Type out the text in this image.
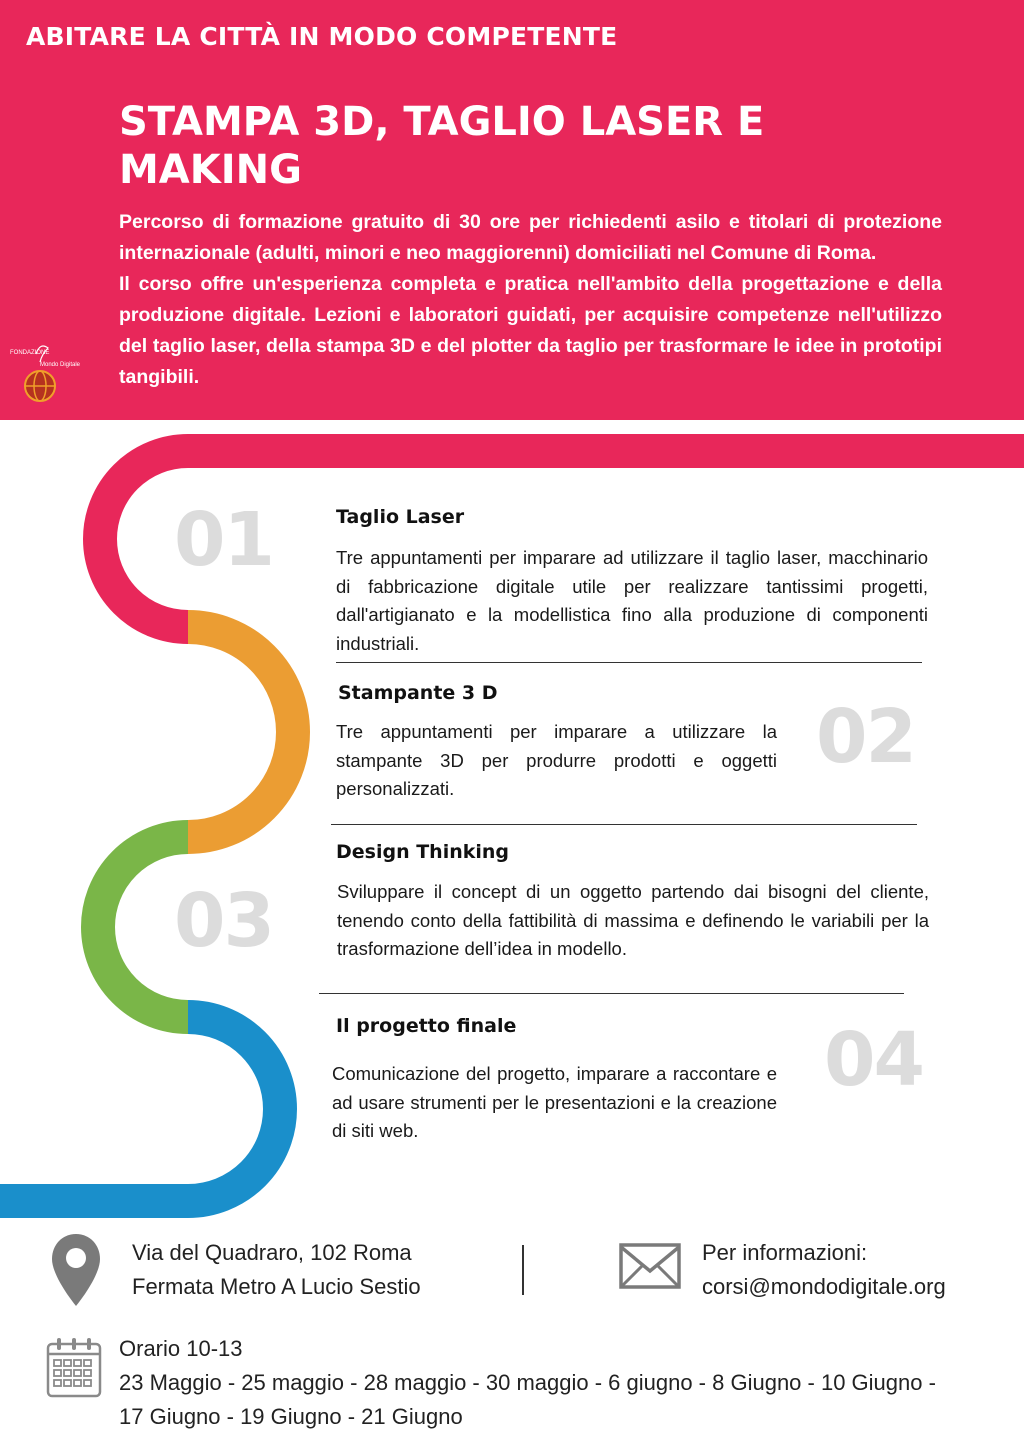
ABITARE LA CITTÀ IN MODO COMPETENTE
STAMPA 3D, TAGLIO LASER E MAKING

Percorso di formazione gratuito di 30 ore per richiedenti asilo e titolari di protezione internazionale (adulti, minori e neo maggiorenni) domiciliati nel Comune di Roma.

Il corso offre un'esperienza completa e pratica nell'ambito della progettazione e della produzione digitale. Lezioni e laboratori guidati, per acquisire competenze nell'utilizzo del taglio laser, della stampa 3D e del plotter da taglio per trasformare le idee in prototipi tangibili.

FONDAZIONE
Mondo Digitale
01	Taglio Laser
Tre appuntamenti per imparare ad utilizzare il taglio laser, macchinario di fabbricazione digitale utile per realizzare tantissimi progetti, dall'artigianato e la modellistica fino alla produzione di componenti industriali.
02
Stampante 3 D
Tre appuntamenti per imparare a utilizzare la stampante 3D per produrre prodotti e oggetti personalizzati.
03
Design Thinking
Sviluppare il concept di un oggetto partendo dai bisogni del cliente, tenendo conto della fattibilità di massima e definendo le variabili per la trasformazione dell’idea in modello.
04
Il progetto finale
Comunicazione del progetto, imparare a raccontare e ad usare strumenti per le presentazioni e la creazione di siti web.
Via del Quadraro, 102 Roma
Fermata Metro A Lucio Sestio
Per informazioni:
corsi@mondodigitale.org
Orario 10-13
23 Maggio - 25 maggio - 28 maggio - 30 maggio - 6 giugno - 8 Giugno - 10 Giugno -
17 Giugno - 19 Giugno - 21 Giugno
